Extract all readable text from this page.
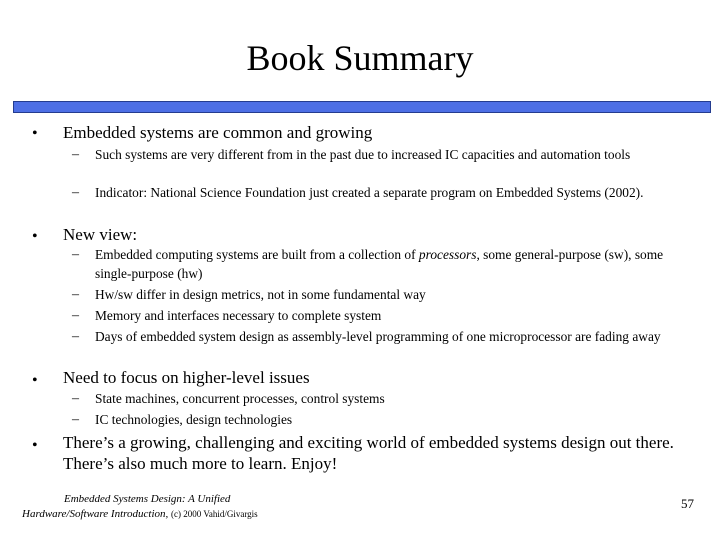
Book Summary
• Embedded systems are common and growing
– Such systems are very different from in the past due to increased IC capacities and automation tools
– Indicator: National Science Foundation just created a separate program on Embedded Systems (2002).
• New view:
– Embedded computing systems are built from a collection of processors, some general-purpose (sw), some single-purpose (hw)
– Hw/sw differ in design metrics, not in some fundamental way
– Memory and interfaces necessary to complete system
– Days of embedded system design as assembly-level programming of one microprocessor are fading away
• Need to focus on higher-level issues
– State machines, concurrent processes, control systems
– IC technologies, design technologies
• There’s a growing, challenging and exciting world of embedded systems design out there. There’s also much more to learn. Enjoy!
Embedded Systems Design: A Unified
Hardware/Software Introduction, (c) 2000 Vahid/Givargis
57
